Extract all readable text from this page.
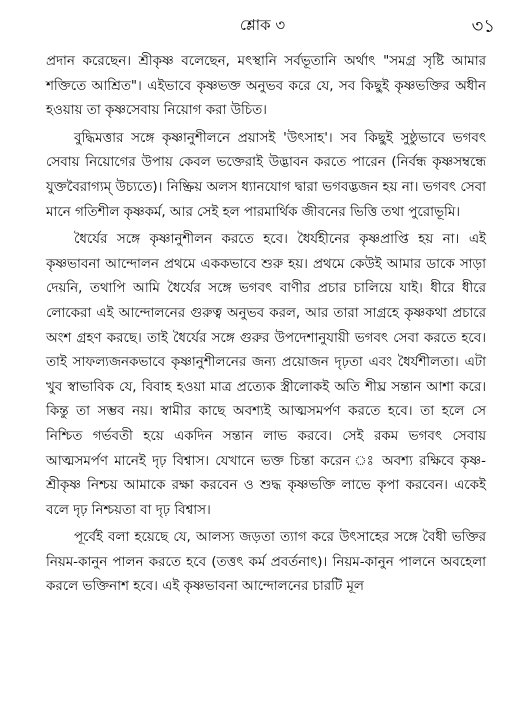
শ্লোক ৩	৩১

প্রদান করেছেন। শ্রীকৃষ্ণ বলেছেন, মৎস্থানি সর্বভূতানি অর্থাৎ "সমগ্র সৃষ্টি আমার শক্তিতে আশ্রিত"। এইভাবে কৃষ্ণভক্ত অনুভব করে যে, সব কিছুই কৃষ্ণভক্তির অধীন হওয়ায় তা কৃষ্ণসেবায় নিয়োগ করা উচিত।

বুদ্ধিমত্তার সঙ্গে কৃষ্ণানুশীলনে প্রয়াসই 'উৎসাহ'। সব কিছুই সুষ্ঠুভাবে ভগবৎ সেবায় নিয়োগের উপায় কেবল ভক্তেরাই উদ্ভাবন করতে পারেন (নির্বন্ধ কৃষ্ণসম্বন্ধে যুক্তবৈরাগ্যম্ উচ্যতে)। নিষ্ক্রিয় অলস ধ্যানযোগ দ্বারা ভগবদ্ভজন হয় না। ভগবৎ সেবা মানে গতিশীল কৃষ্ণকর্ম, আর সেই হল পারমার্থিক জীবনের ভিত্তি তথা পুরোভূমি।

ধৈর্যের সঙ্গে কৃষ্ণানুশীলন করতে হবে। ধৈর্যহীনের কৃষ্ণপ্রাপ্তি হয় না। এই কৃষ্ণভাবনা আন্দোলন প্রথমে এককভাবে শুরু হয়। প্রথমে কেউই আমার ডাকে সাড়া দেয়নি, তথাপি আমি ধৈর্যের সঙ্গে ভগবৎ বাণীর প্রচার চালিয়ে যাই। ধীরে ধীরে লোকেরা এই আন্দোলনের গুরুত্ব অনুভব করল, আর তারা সাগ্রহে কৃষ্ণকথা প্রচারে অংশ গ্রহণ করছে। তাই ধৈর্যের সঙ্গে গুরুর উপদেশানুযায়ী ভগবৎ সেবা করতে হবে। তাই সাফল্যজনকভাবে কৃষ্ণানুশীলনের জন্য প্রয়োজন দৃঢ়তা এবং ধৈর্যশীলতা। এটা খুব স্বাভাবিক যে, বিবাহ হওয়া মাত্র প্রত্যেক স্ত্রীলোকই অতি শীঘ্র সন্তান আশা করে। কিন্তু তা সম্ভব নয়। স্বামীর কাছে অবশ্যই আত্মসমর্পণ করতে হবে। তা হলে সে নিশ্চিত গর্ভবতী হয়ে একদিন সন্তান লাভ করবে। সেই রকম ভগবৎ সেবায় আত্মসমর্পণ মানেই দৃঢ় বিশ্বাস। যেখানে ভক্ত চিন্তা করেন ঃ অবশ্য রক্ষিবে কৃষ্ণ-শ্রীকৃষ্ণ নিশ্চয় আমাকে রক্ষা করবেন ও শুদ্ধ কৃষ্ণভক্তি লাভে কৃপা করবেন। একেই বলে দৃঢ় নিশ্চয়তা বা দৃঢ় বিশ্বাস।

পূর্বেই বলা হয়েছে যে, আলস্য জড়তা ত্যাগ করে উৎসাহের সঙ্গে বৈধী ভক্তির নিয়ম-কানুন পালন করতে হবে (তত্তৎ কর্ম প্রবর্তনাৎ)। নিয়ম-কানুন পালনে অবহেলা করলে ভক্তিনাশ হবে। এই কৃষ্ণভাবনা আন্দোলনের চারটি মূল
